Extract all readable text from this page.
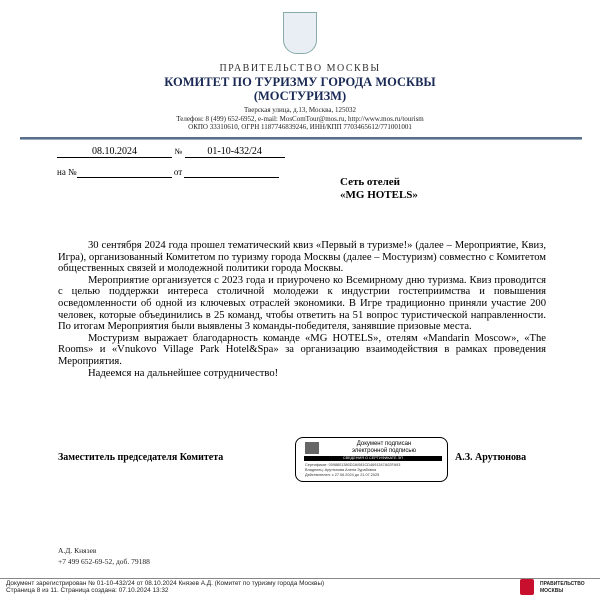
ПРАВИТЕЛЬСТВО МОСКВЫ
КОМИТЕТ ПО ТУРИЗМУ ГОРОДА МОСКВЫ
(МОСТУРИЗМ)
Тверская улица, д.13, Москва, 125032
Телефон: 8 (499) 652-6952, e-mail: MosComTour@mos.ru, http://www.mos.ru/tourism
ОКПО 33310610, ОГРН 1187746839246, ИНН/КПП 7703465612/771001001
08.10.2024	№	01-10-432/24
на №	от
Сеть отелей
«MG HOTELS»

30 сентября 2024 года прошел тематический квиз «Первый в туризме!» (далее – Мероприятие, Квиз, Игра), организованный Комитетом по туризму города Москвы (далее – Мостуризм) совместно с Комитетом общественных связей и молодежной политики города Москвы.

Мероприятие организуется с 2023 года и приурочено ко Всемирному дню туризма. Квиз проводится с целью поддержки интереса столичной молодежи к индустрии гостеприимства и повышения осведомленности об одной из ключевых отраслей экономики. В Игре традиционно приняли участие 200 человек, которые объединились в 25 команд, чтобы ответить на 51 вопрос туристической направленности. По итогам Мероприятия были выявлены 3 команды-победителя, занявшие призовые места.

Мостуризм выражает благодарность команде «MG HOTELS», отелям «Mandarin Moscow», «The Rooms» и «Vnukovo Village Park Hotel&Spa» за организацию взаимодействия в рамках проведения Мероприятия.

Надеемся на дальнейшее сотрудничество!

Заместитель председателя Комитета
Документ подписан
электронной подписью
СВЕДЕНИЯ О СЕРТИФИКАТЕ ЭП
Сертификат: 0098801380D2A/081CD4691347A02FA93
Владелец: Арутюнова Алена Зурабовна
Действителен: с 27.06.2024 до 21.07.2025
А.З. Арутюнова
А.Д. Князев
+7 499 652-69-52, доб. 79188
Документ зарегистрирован № 01-10-432/24 от 08.10.2024 Князев А.Д. (Комитет по туризму города Москвы)
Страница 8 из 11. Страница создана: 07.10.2024 13:32
ПРАВИТЕЛЬСТВО
МОСКВЫ
